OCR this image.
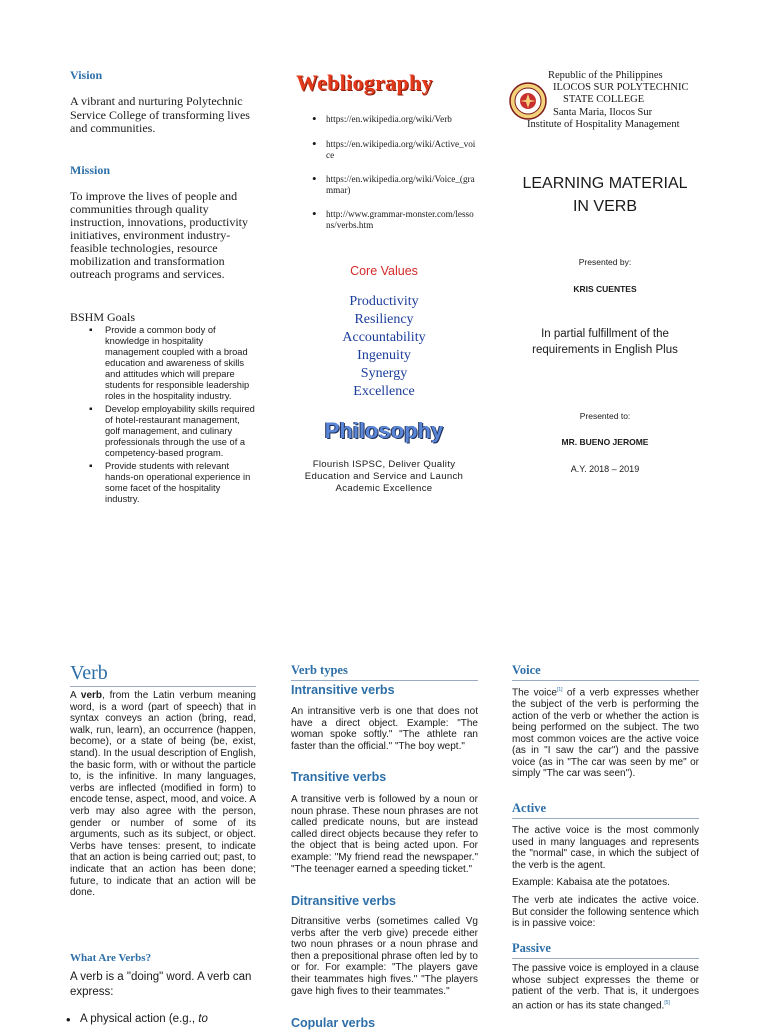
Vision
A vibrant and nurturing Polytechnic Service College of transforming lives and communities.
Mission
To improve the lives of people and communities through quality instruction, innovations, productivity initiatives, environment industry-feasible technologies, resource mobilization and transformation outreach programs and services.
BSHM Goals
▪ Provide a common body of knowledge in hospitality management coupled with a broad education and awareness of skills and attitudes which will prepare students for responsible leadership roles in the hospitality industry.
▪ Develop employability skills required of hotel-restaurant management, golf management, and culinary professionals through the use of a competency-based program.
▪ Provide students with relevant hands-on operational experience in some facet of the hospitality industry.
Webliography
• https://en.wikipedia.org/wiki/Verb
• https://en.wikipedia.org/wiki/Active_voice
• https://en.wikipedia.org/wiki/Voice_(grammar)
• http://www.grammar-monster.com/lessons/verbs.htm
Core Values
Productivity
Resiliency
Accountability
Ingenuity
Synergy
Excellence
Philosophy
Flourish ISPSC, Deliver Quality Education and Service and Launch Academic Excellence
Republic of the Philippines
ILOCOS SUR POLYTECHNIC
STATE COLLEGE
Santa Maria, Ilocos Sur
Institute of Hospitality Management
LEARNING MATERIAL
IN VERB
Presented by:
KRIS CUENTES
In partial fulfillment of the
requirements in English Plus
Presented to:
MR. BUENO JEROME
A.Y. 2018 – 2019
Verb
A verb, from the Latin verbum meaning word, is a word (part of speech) that in syntax conveys an action (bring, read, walk, run, learn), an occurrence (happen, become), or a state of being (be, exist, stand). In the usual description of English, the basic form, with or without the particle to, is the infinitive. In many languages, verbs are inflected (modified in form) to encode tense, aspect, mood, and voice. A verb may also agree with the person, gender or number of some of its arguments, such as its subject, or object. Verbs have tenses: present, to indicate that an action is being carried out; past, to indicate that an action has been done; future, to indicate that an action will be done.
What Are Verbs?
A verb is a "doing" word. A verb can express:
• A physical action (e.g., to
Verb types
Intransitive verbs
An intransitive verb is one that does not have a direct object. Example: "The woman spoke softly." "The athlete ran faster than the official." "The boy wept."
Transitive verbs
A transitive verb is followed by a noun or noun phrase. These noun phrases are not called predicate nouns, but are instead called direct objects because they refer to the object that is being acted upon. For example: "My friend read the newspaper." "The teenager earned a speeding ticket."
Ditransitive verbs
Ditransitive verbs (sometimes called Vg verbs after the verb give) precede either two noun phrases or a noun phrase and then a prepositional phrase often led by to or for. For example: "The players gave their teammates high fives." "The players gave high fives to their teammates."
Copular verbs
Voice
The voice[1] of a verb expresses whether the subject of the verb is performing the action of the verb or whether the action is being performed on the subject. The two most common voices are the active voice (as in "I saw the car") and the passive voice (as in "The car was seen by me" or simply "The car was seen").
Active
The active voice is the most commonly used in many languages and represents the "normal" case, in which the subject of the verb is the agent.
Example: Kabaisa ate the potatoes.
The verb ate indicates the active voice. But consider the following sentence which is in passive voice:
Passive
The passive voice is employed in a clause whose subject expresses the theme or patient of the verb. That is, it undergoes an action or has its state changed.[5]
